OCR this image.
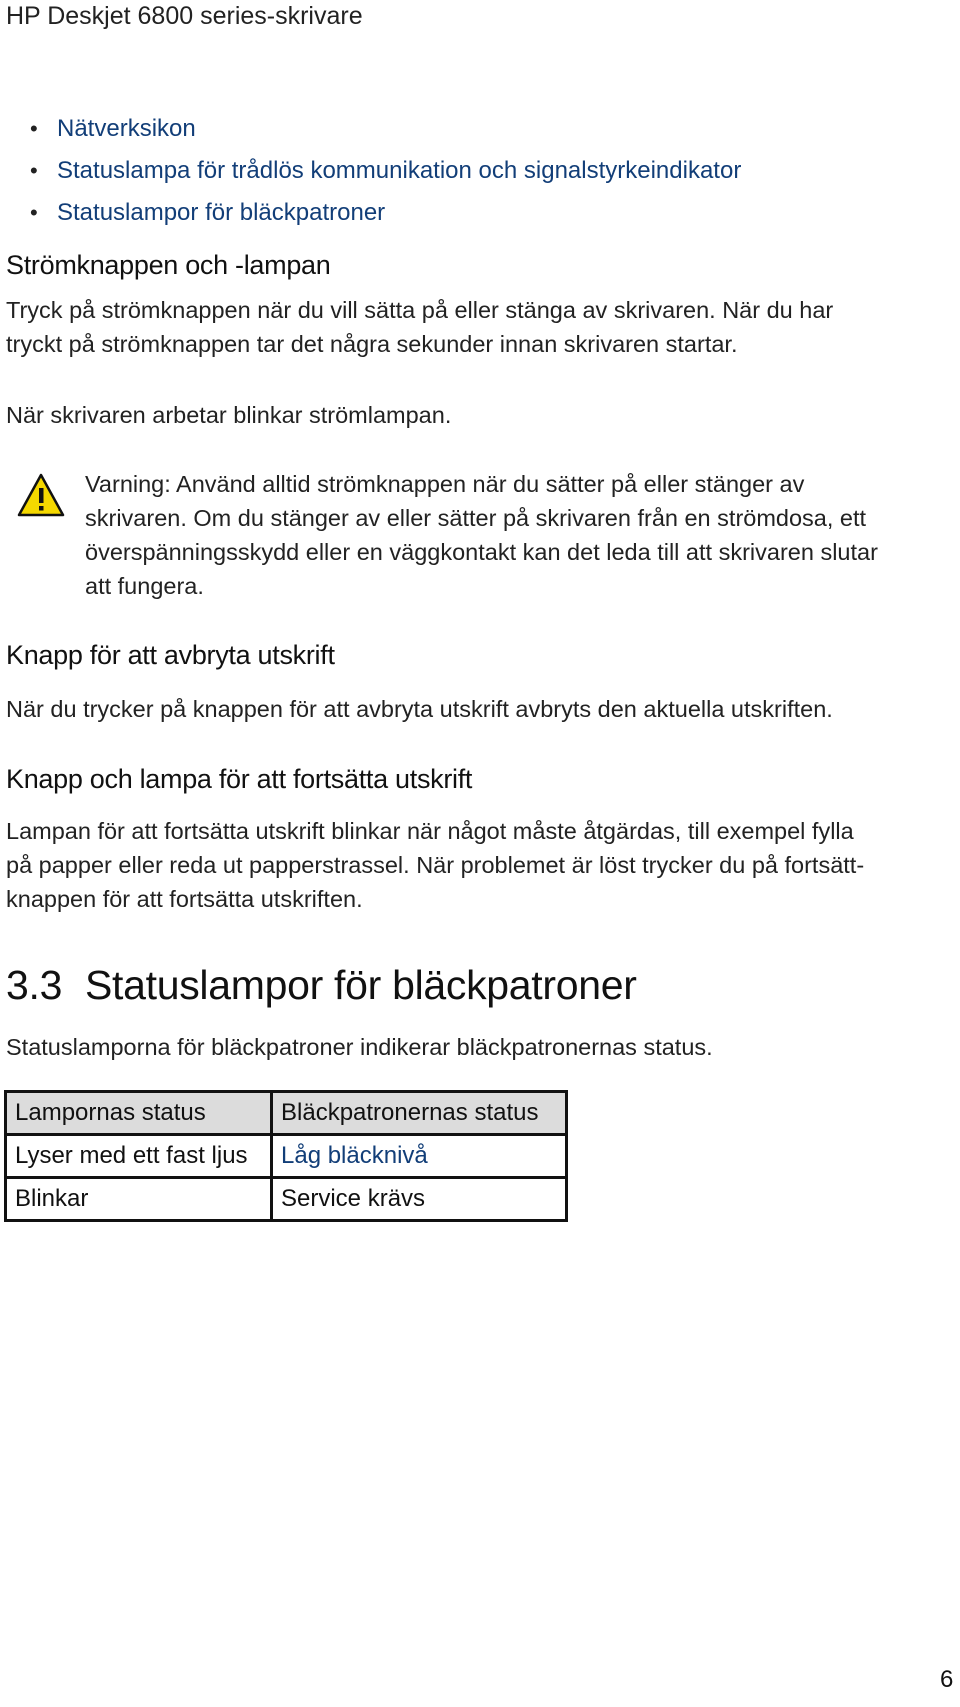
HP Deskjet 6800 series-skrivare
• Nätverksikon
• Statuslampa för trådlös kommunikation och signalstyrkeindikator
• Statuslampor för bläckpatroner
Strömknappen och -lampan
Tryck på strömknappen när du vill sätta på eller stänga av skrivaren. När du har
tryckt på strömknappen tar det några sekunder innan skrivaren startar.
När skrivaren arbetar blinkar strömlampan.
Varning: Använd alltid strömknappen när du sätter på eller stänger av
skrivaren. Om du stänger av eller sätter på skrivaren från en strömdosa, ett
överspänningsskydd eller en väggkontakt kan det leda till att skrivaren slutar
att fungera.
Knapp för att avbryta utskrift
När du trycker på knappen för att avbryta utskrift avbryts den aktuella utskriften.
Knapp och lampa för att fortsätta utskrift
Lampan för att fortsätta utskrift blinkar när något måste åtgärdas, till exempel fylla
på papper eller reda ut papperstrassel. När problemet är löst trycker du på fortsätt-
knappen för att fortsätta utskriften.
3.3 Statuslampor för bläckpatroner
Statuslamporna för bläckpatroner indikerar bläckpatronernas status.
Lampornas status	Bläckpatronernas status
Lyser med ett fast ljus	Låg bläcknivå
Blinkar	Service krävs
6
